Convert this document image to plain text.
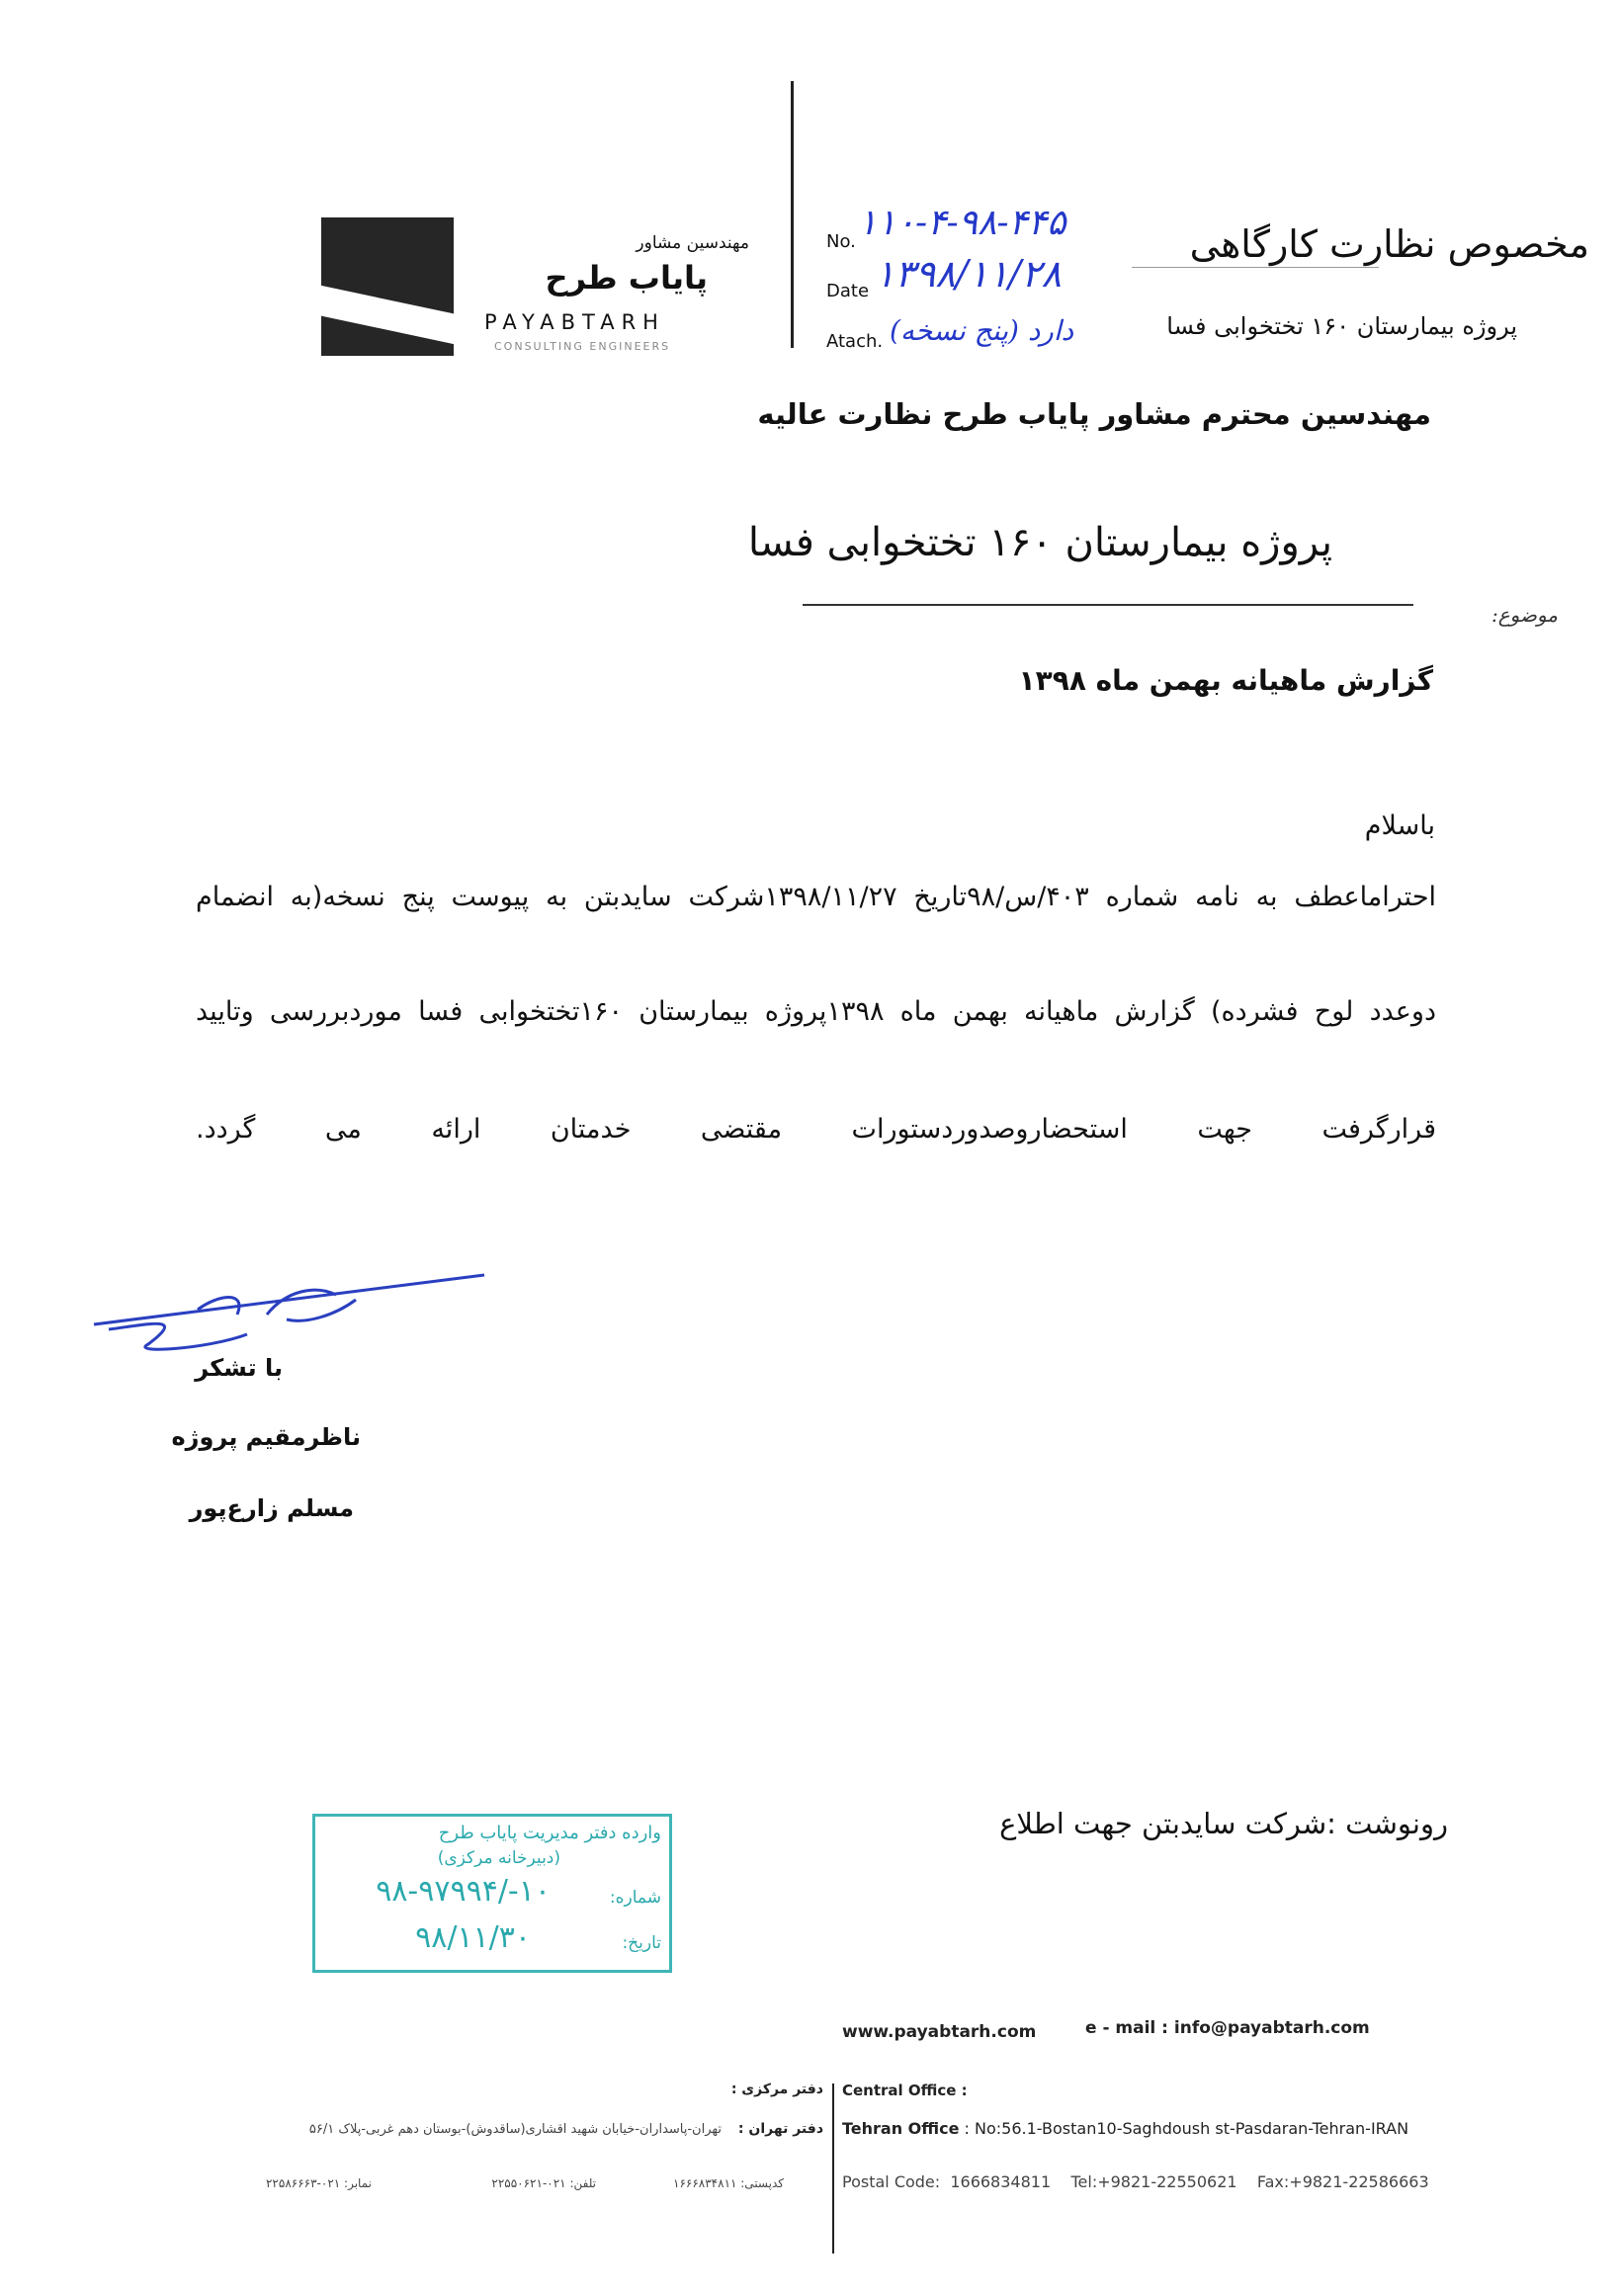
مهندسین مشاور
پایاب طرح
PAYABTARH
CONSULTING ENGINEERS
No. ۱۱۰-۴-۹۸-۴۴۵
Date ۱۳۹۸/۱۱/۲۸
Atach. دارد (پنج نسخه)
مخصوص نظارت کارگاهی
پروژه بیمارستان ۱۶۰ تختخوابی فسا
مهندسین محترم مشاور پایاب طرح نظارت عالیه
پروژه بیمارستان ۱۶۰ تختخوابی فسا
موضوع:
گزارش ماهیانه بهمن ماه ۱۳۹۸
باسلام
احتراماعطف به نامه شماره ۴۰۳/س/۹۸تاریخ ۱۳۹۸/۱۱/۲۷شرکت سایدبتن به پیوست پنج نسخه(به انضمام
دوعدد لوح فشرده) گزارش ماهیانه بهمن ماه ۱۳۹۸پروژه بیمارستان ۱۶۰تختخوابی فسا موردبررسی وتایید
قرارگرفت جهت استحضاروصدوردستورات مقتضی خدمتان ارائه می گردد.
با تشکر
ناظرمقیم پروژه
مسلم زارع‌پور
رونوشت :شرکت سایدبتن جهت اطلاع
وارده دفتر مدیریت پایاب طرح
(دبیرخانه مرکزی)
شماره:
۱۰-/۹۸-۹۷۹۹۴
تاریخ:
۹۸/۱۱/۳۰
www.payabtarh.com	e - mail : info@payabtarh.com
Central Office :
Tehran Office : No:56.1-Bostan10-Saghdoush st-Pasdaran-Tehran-IRAN
Postal Code:  1666834811    Tel:+9821-22550621    Fax:+9821-22586663
دفتر مرکزی :
دفتر تهران :
تهران-پاسداران-خیابان شهید اقشاری(ساقدوش)-بوستان دهم غربی-پلاک ۵۶/۱
کدپستی: ۱۶۶۶۸۳۴۸۱۱
تلفن: ۰۲۱-۲۲۵۵۰۶۲۱
نمابر: ۰۲۱-۲۲۵۸۶۶۶۳
